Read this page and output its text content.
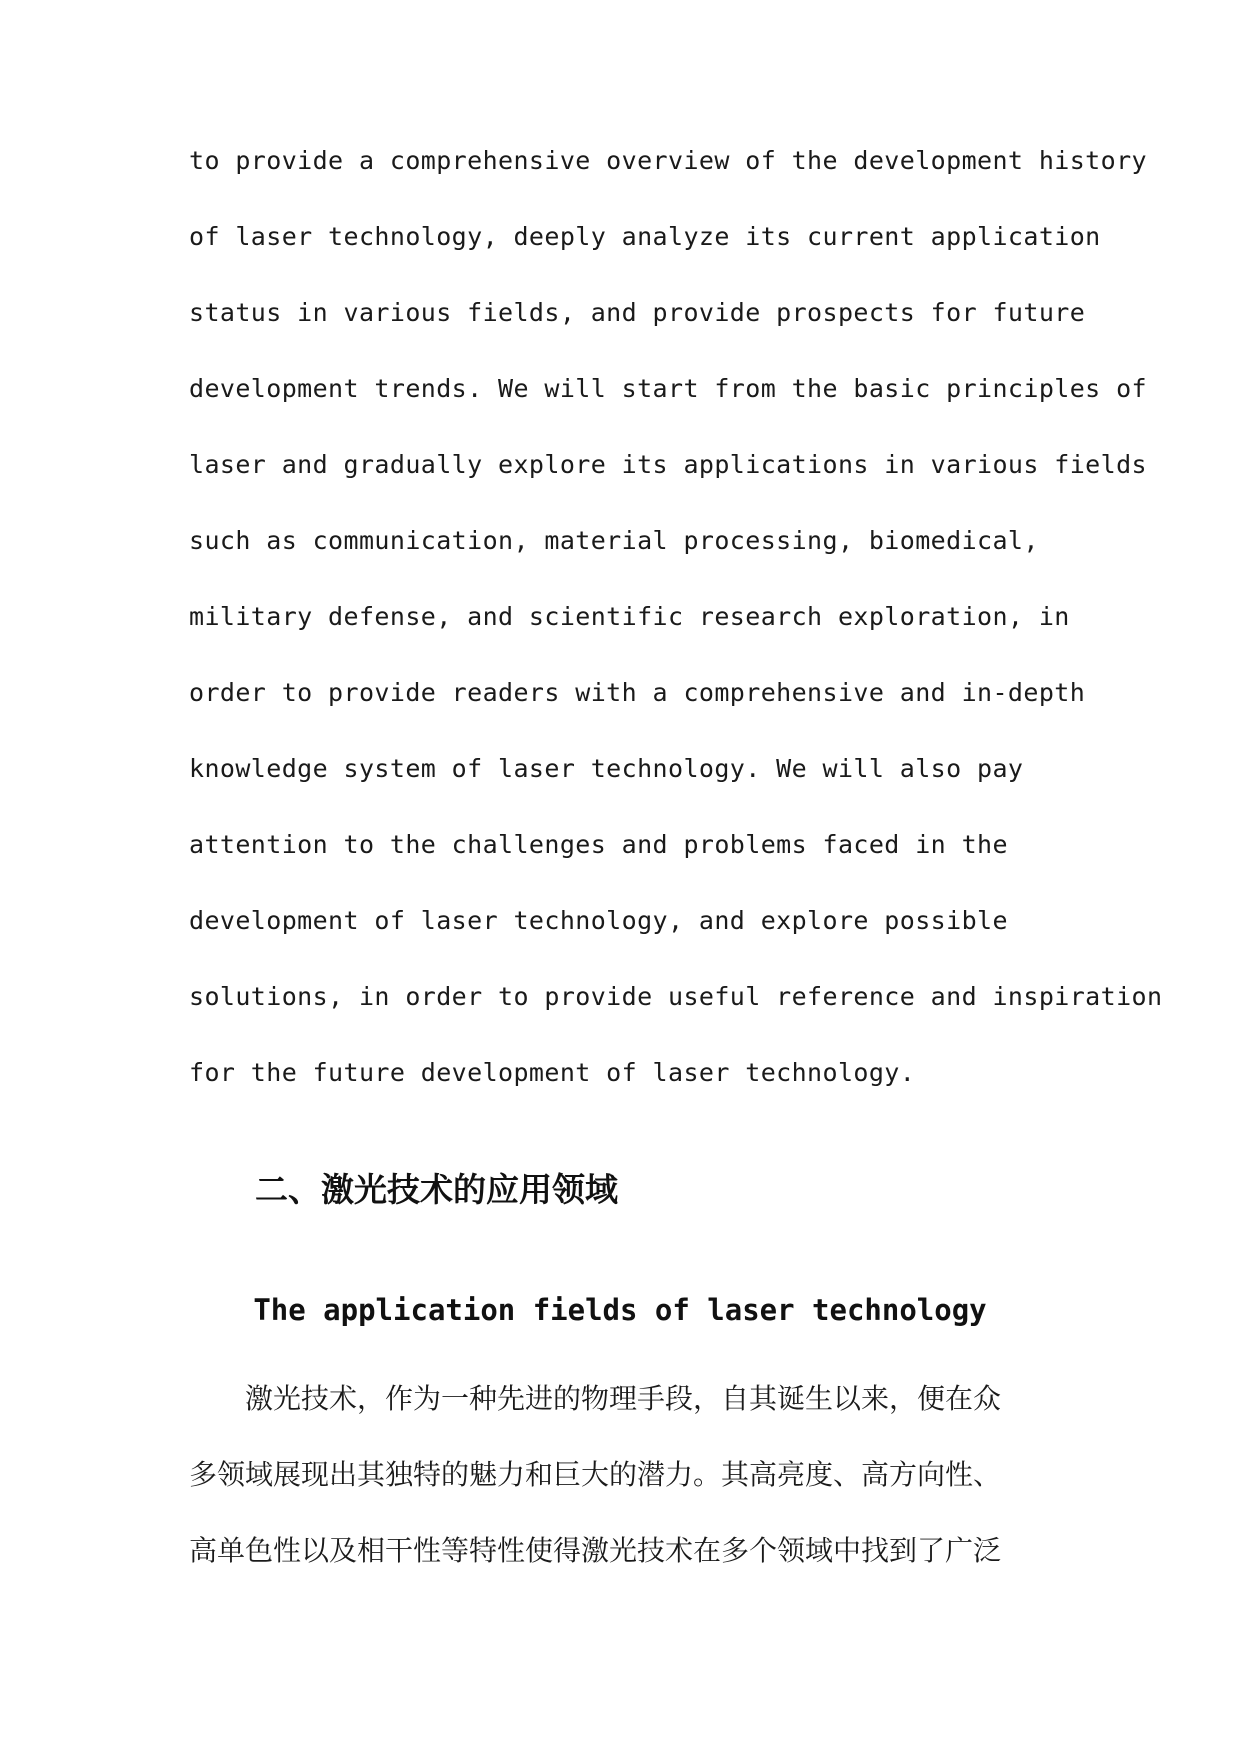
to provide a comprehensive overview of the development history
of laser technology, deeply analyze its current application
status in various fields, and provide prospects for future
development trends. We will start from the basic principles of
laser and gradually explore its applications in various fields
such as communication, material processing, biomedical,
military defense, and scientific research exploration, in
order to provide readers with a comprehensive and in-depth
knowledge system of laser technology. We will also pay
attention to the challenges and problems faced in the
development of laser technology, and explore possible
solutions, in order to provide useful reference and inspiration
for the future development of laser technology.

二、激光技术的应用领域
The application fields of laser technology

激光技术，作为一种先进的物理手段，自其诞生以来，便在众
多领域展现出其独特的魅力和巨大的潜力。其高亮度、高方向性、
高单色性以及相干性等特性使得激光技术在多个领域中找到了广泛
